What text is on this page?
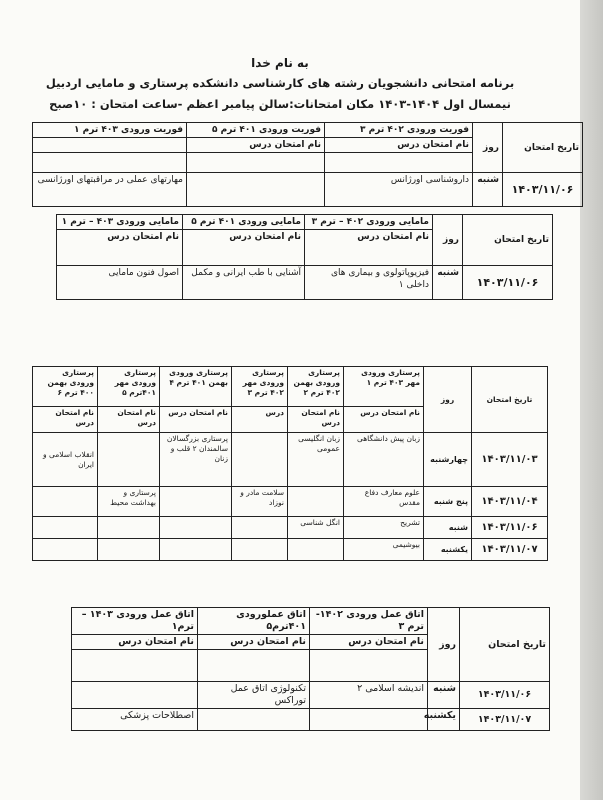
به نام خدا
برنامه امتحانی دانشجویان رشته های کارشناسی دانشکده پرستاری و مامایی اردبیل
نیمسال اول ۱۴۰۴-۱۴۰۳ مکان امتحانات:سالن پیامبر اعظم -ساعت امتحان : ۱۰صبح
تاریخ امتحان	روز	فوریت ورودی ۴۰۲ ترم ۳	فوریت ورودی ۴۰۱ ترم ۵	فوریت ورودی ۴۰۳ ترم ۱
		نام امتحان درس	نام امتحان درس	

۱۴۰۳/۱۱/۰۶	شنبه	داروشناسی اورژانس		مهارتهای عملی در مراقبتهای اورژانسی
تاریخ امتحان	روز	مامایی ورودی ۴۰۲ – ترم ۳	مامایی ورودی ۴۰۱ ترم ۵	مامایی ورودی ۴۰۳ – ترم ۱
		نام امتحان درس	نام امتحان درس	نام امتحان درس
۱۴۰۳/۱۱/۰۶	شنبه	فیزیوپاتولوی و بیماری های داخلی ۱	آشنایی با طب ایرانی و مکمل	اصول فنون مامایی
تاریخ امتحان	روز	پرستاری ورودی مهر ۴۰۳ ترم ۱	پرستاری ورودی بهمن ۴۰۲ ترم ۲	پرستاری ورودی مهر ۴۰۲ ترم ۳	پرستاری ورودی بهمن ۴۰۱ ترم ۴	پرستاری ورودی مهر ۴۰۱ترم ۵	پرستاری ورودی بهمن ۴۰۰ ترم ۶
		نام امتحان درس	نام امتحان درس	درس	نام امتحان درس	نام امتحان درس	نام امتحان درس
۱۴۰۳/۱۱/۰۳	چهارشنبه	زبان پیش دانشگاهی	زبان انگلیسی عمومی		پرستاری بزرگسالان سالمندان ۲ قلب و زنان		انقلاب اسلامی و ایران
۱۴۰۳/۱۱/۰۴	پنج شنبه	علوم معارف دفاع مقدس		سلامت مادر و نوزاد		پرستاری و بهداشت محیط	
۱۴۰۳/۱۱/۰۶	شنبه	تشریح	انگل شناسی				
۱۴۰۳/۱۱/۰۷	یکشنبه	بیوشیمی					
تاریخ امتحان	روز	اتاق عمل ورودی ۱۴۰۲- ترم ۳	اتاق عملورودی ۴۰۱ترم۵	اتاق عمل ورودی ۱۴۰۳ – ترم۱
		نام امتحان درس	نام امتحان درس	نام امتحان درس

۱۴۰۳/۱۱/۰۶	شنبه	اندیشه اسلامی ۲	تکنولوژی اتاق عمل توراکس	
۱۴۰۳/۱۱/۰۷	یکشنبه			اصطلاحات پزشکی
